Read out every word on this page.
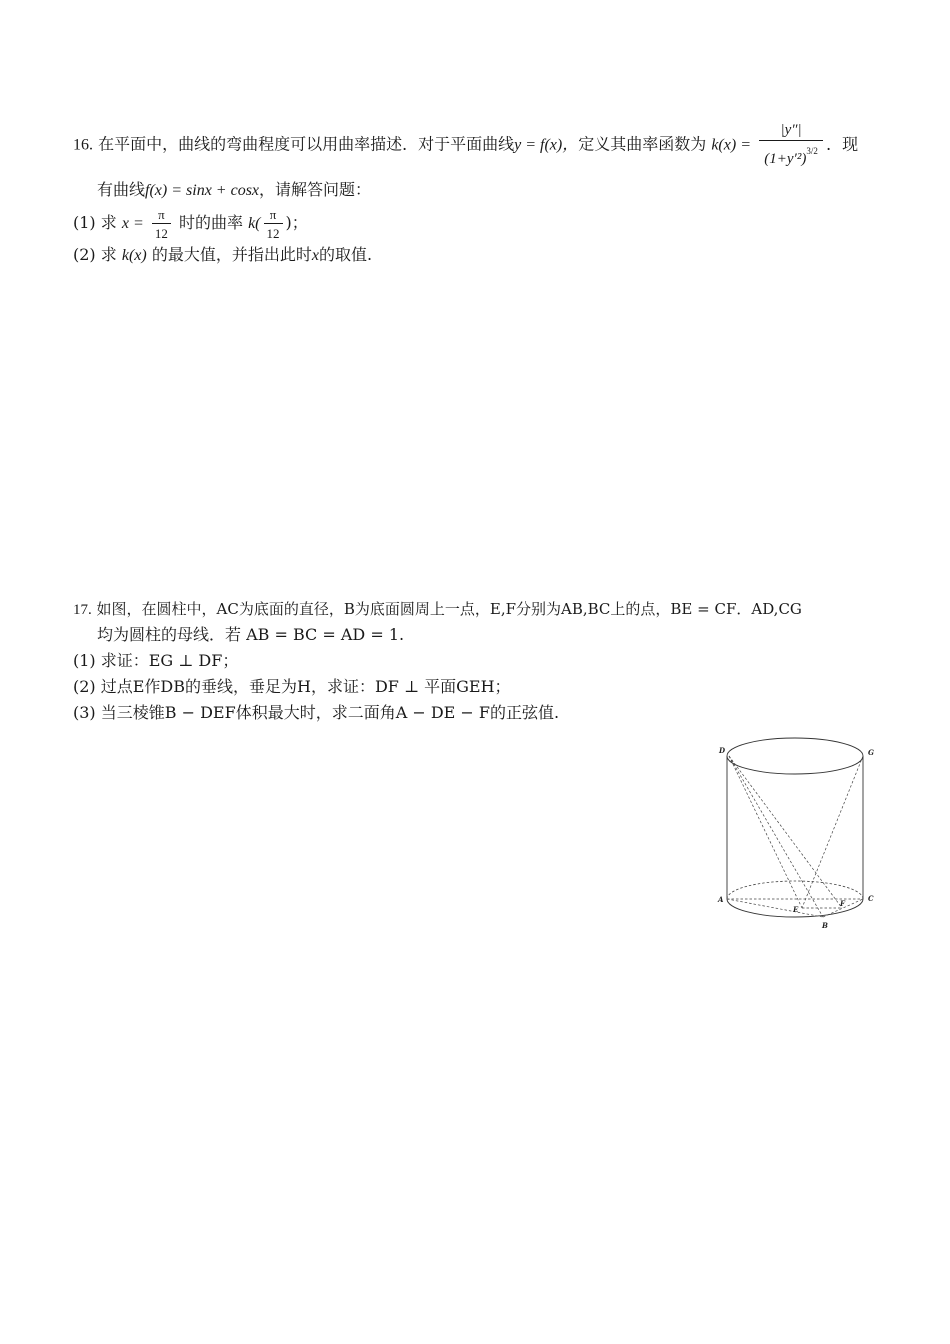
16. 在平面中，曲线的弯曲程度可以用曲率描述．对于平面曲线y = f(x)，定义其曲率函数为 $k(x) = \frac{|y''|}{(1+y'^2)^{3/2}}$ ．现
有曲线f(x) = sinx + cosx，请解答问题：
(1) 求 $x = \frac{\pi}{12}$ 时的曲率 $k( \frac{\pi}{12}$ )；
(2) 求 k(x) 的最大值，并指出此时x的取值.
17. 如图，在圆柱中，AC为底面的直径，B为底面圆周上一点，E,F分别为AB,BC上的点，BE = CF．AD,CG
均为圆柱的母线．若 AB = BC = AD = 1.
(1) 求证：EG ⊥ DF；
(2) 过点E作DB的垂线，垂足为H，求证：DF ⊥ 平面GEH；
(3) 当三棱锥B − DEF体积最大时，求二面角A − DE − F的正弦值.
D	G
A	C
E
F
B
